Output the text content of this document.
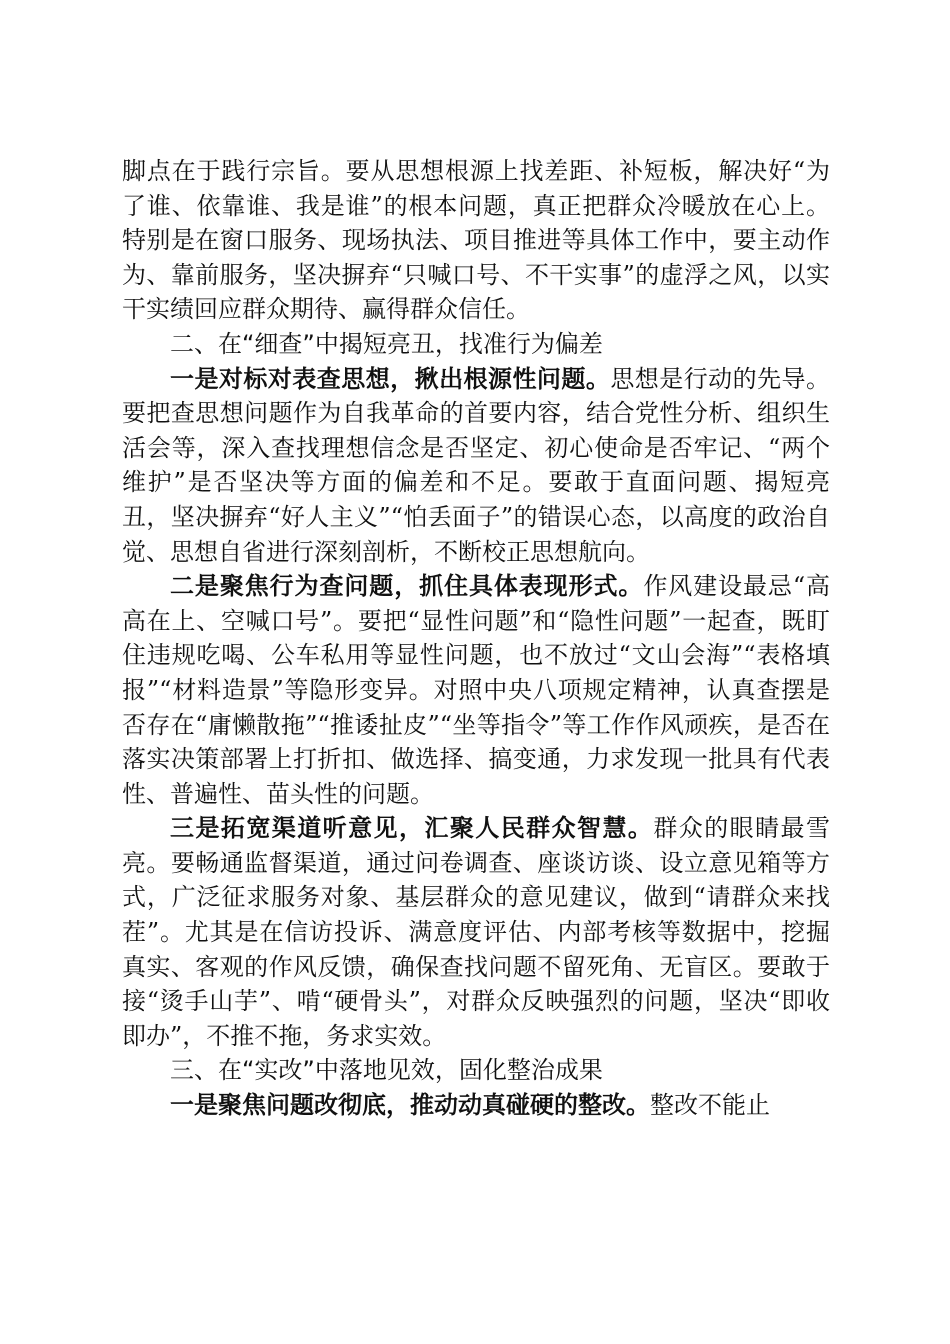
脚点在于践行宗旨。要从思想根源上找差距、补短板，解决好“为了谁、依靠谁、我是谁”的根本问题，真正把群众冷暖放在心上。特别是在窗口服务、现场执法、项目推进等具体工作中，要主动作为、靠前服务，坚决摒弃“只喊口号、不干实事”的虚浮之风，以实干实绩回应群众期待、赢得群众信任。

二、在“细查”中揭短亮丑，找准行为偏差

一是对标对表查思想，揪出根源性问题。思想是行动的先导。要把查思想问题作为自我革命的首要内容，结合党性分析、组织生活会等，深入查找理想信念是否坚定、初心使命是否牢记、“两个维护”是否坚决等方面的偏差和不足。要敢于直面问题、揭短亮丑，坚决摒弃“好人主义”“怕丢面子”的错误心态，以高度的政治自觉、思想自省进行深刻剖析，不断校正思想航向。

二是聚焦行为查问题，抓住具体表现形式。作风建设最忌“高高在上、空喊口号”。要把“显性问题”和“隐性问题”一起查，既盯住违规吃喝、公车私用等显性问题，也不放过“文山会海”“表格填报”“材料造景”等隐形变异。对照中央八项规定精神，认真查摆是否存在“庸懒散拖”“推诿扯皮”“坐等指令”等工作作风顽疾，是否在落实决策部署上打折扣、做选择、搞变通，力求发现一批具有代表性、普遍性、苗头性的问题。

三是拓宽渠道听意见，汇聚人民群众智慧。群众的眼睛最雪亮。要畅通监督渠道，通过问卷调查、座谈访谈、设立意见箱等方式，广泛征求服务对象、基层群众的意见建议，做到“请群众来找茬”。尤其是在信访投诉、满意度评估、内部考核等数据中，挖掘真实、客观的作风反馈，确保查找问题不留死角、无盲区。要敢于接“烫手山芋”、啃“硬骨头”，对群众反映强烈的问题，坚决“即收即办”，不推不拖，务求实效。

三、在“实改”中落地见效，固化整治成果

一是聚焦问题改彻底，推动动真碰硬的整改。整改不能止
